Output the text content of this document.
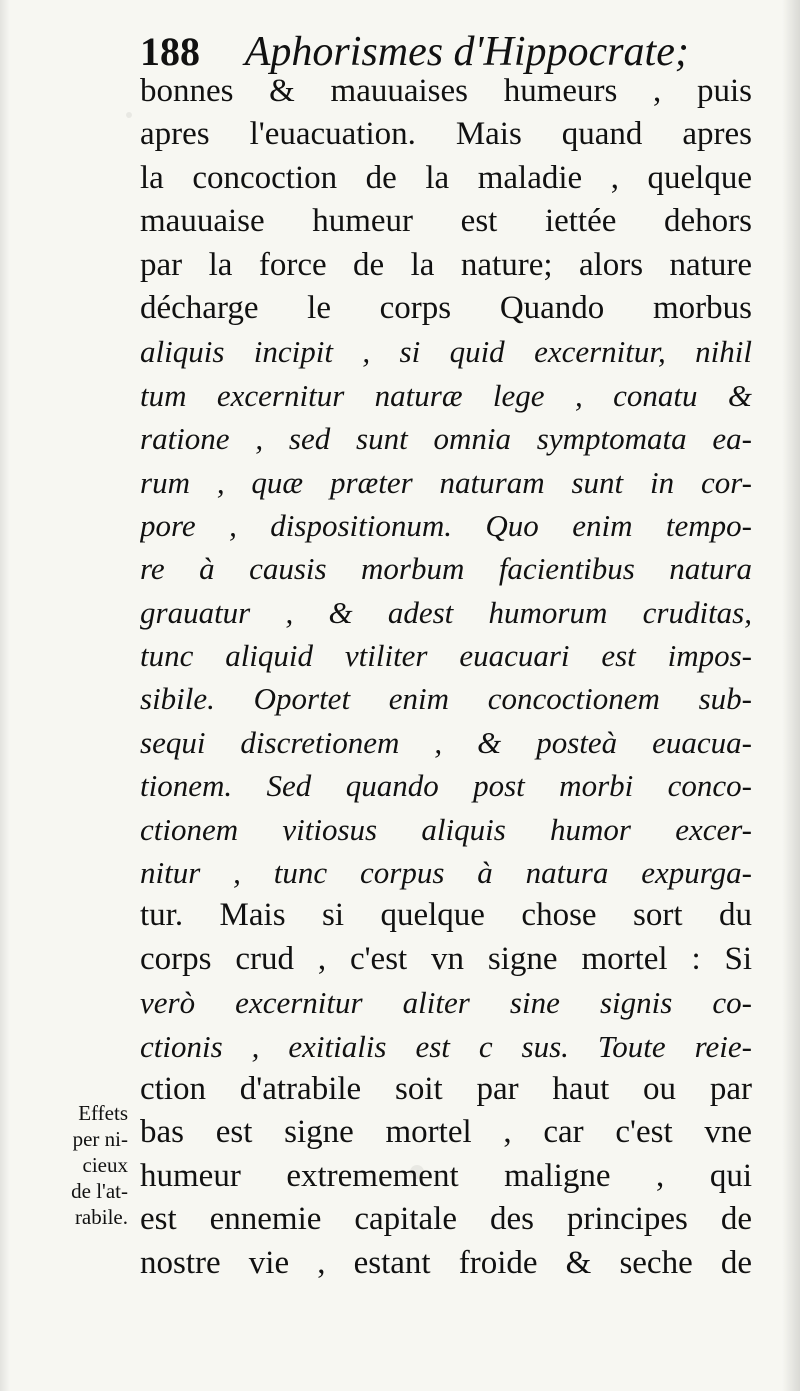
188 Aphorismes d'Hippocrate;
bonnes & mauuaises humeurs , puis
apres l'euacuation. Mais quand apres
la concoction de la maladie , quelque
mauuaise humeur est iettée dehors
par la force de la nature; alors nature
décharge le corps Quando morbus
aliquis incipit , si quid excernitur, nihil
tum excernitur naturæ lege , conatu &
ratione , sed sunt omnia symptomata ea-
rum , quæ præter naturam sunt in cor-
pore , dispositionum. Quo enim tempo-
re à causis morbum facientibus natura
grauatur , & adest humorum cruditas,
tunc aliquid vtiliter euacuari est impos-
sibile. Oportet enim concoctionem sub-
sequi discretionem , & posteà euacua-
tionem. Sed quando post morbi conco-
ctionem vitiosus aliquis humor excer-
nitur , tunc corpus à natura expurga-
tur. Mais si quelque chose sort du
corps crud , c'est vn signe mortel : Si
verò excernitur aliter sine signis co-
ctionis , exitialis est c sus. Toute reie-
ction d'atrabile soit par haut ou par
bas est signe mortel , car c'est vne
humeur extremement maligne , qui
est ennemie capitale des principes de
nostre vie , estant froide & seche de
Effets
per ni-
cieux
de l'at-
rabile.
